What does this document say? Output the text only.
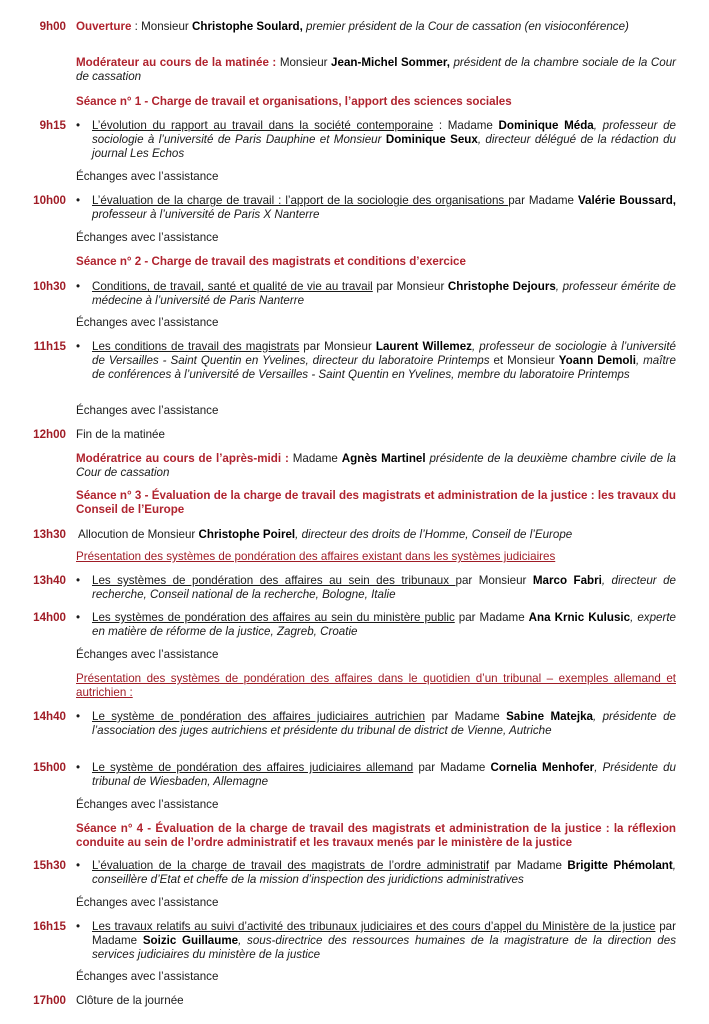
9h00 Ouverture : Monsieur Christophe Soulard, premier président de la Cour de cassation (en visioconférence)
Modérateur au cours de la matinée : Monsieur Jean-Michel Sommer, président de la chambre sociale de la Cour de cassation
Séance n° 1 - Charge de travail et organisations, l’apport des sciences sociales
9h15 • L’évolution du rapport au travail dans la société contemporaine : Madame Dominique Méda, professeur de sociologie à l’université de Paris Dauphine et Monsieur Dominique Seux, directeur délégué de la rédaction du journal Les Echos
Échanges avec l’assistance
10h00 • L’évaluation de la charge de travail : l’apport de la sociologie des organisations par Madame Valérie Boussard, professeur à l’université de Paris X Nanterre
Échanges avec l’assistance
Séance n° 2 - Charge de travail des magistrats et conditions d’exercice
10h30 • Conditions, de travail, santé et qualité de vie au travail par Monsieur Christophe Dejours, professeur émérite de médecine à l’université de Paris Nanterre
Échanges avec l’assistance
11h15 • Les conditions de travail des magistrats par Monsieur Laurent Willemez, professeur de sociologie à l’université de Versailles - Saint Quentin en Yvelines, directeur du laboratoire Printemps et Monsieur Yoann Demoli, maître de conférences à l’université de Versailles - Saint Quentin en Yvelines, membre du laboratoire Printemps
Échanges avec l’assistance
12h00 Fin de la matinée
Modératrice au cours de l’après-midi : Madame Agnès Martinel présidente de la deuxième chambre civile de la Cour de cassation
Séance n° 3 - Évaluation de la charge de travail des magistrats et administration de la justice : les travaux du Conseil de l’Europe
13h30 Allocution de Monsieur Christophe Poirel, directeur des droits de l’Homme, Conseil de l’Europe
Présentation des systèmes de pondération des affaires existant dans les systèmes judiciaires
13h40 • Les systèmes de pondération des affaires au sein des tribunaux par Monsieur Marco Fabri, directeur de recherche, Conseil national de la recherche, Bologne, Italie
14h00 • Les systèmes de pondération des affaires au sein du ministère public par Madame Ana Krnic Kulusic, experte en matière de réforme de la justice, Zagreb, Croatie
Échanges avec l’assistance
Présentation des systèmes de pondération des affaires dans le quotidien d’un tribunal – exemples allemand et autrichien :
14h40 • Le système de pondération des affaires judiciaires autrichien par Madame Sabine Matejka, présidente de l’association des juges autrichiens et présidente du tribunal de district de Vienne, Autriche
15h00 • Le système de pondération des affaires judiciaires allemand par Madame Cornelia Menhofer, Présidente du tribunal de Wiesbaden, Allemagne
Échanges avec l’assistance
Séance n° 4 - Évaluation de la charge de travail des magistrats et administration de la justice : la réflexion conduite au sein de l’ordre administratif et les travaux menés par le ministère de la justice
15h30 • L’évaluation de la charge de travail des magistrats de l’ordre administratif par Madame Brigitte Phémolant, conseillère d’Etat et cheffe de la mission d’inspection des juridictions administratives
Échanges avec l’assistance
16h15 • Les travaux relatifs au suivi d’activité des tribunaux judiciaires et des cours d’appel du Ministère de la justice par Madame Soizic Guillaume, sous-directrice des ressources humaines de la magistrature de la direction des services judiciaires du ministère de la justice
Échanges avec l’assistance
17h00 Clôture de la journée
